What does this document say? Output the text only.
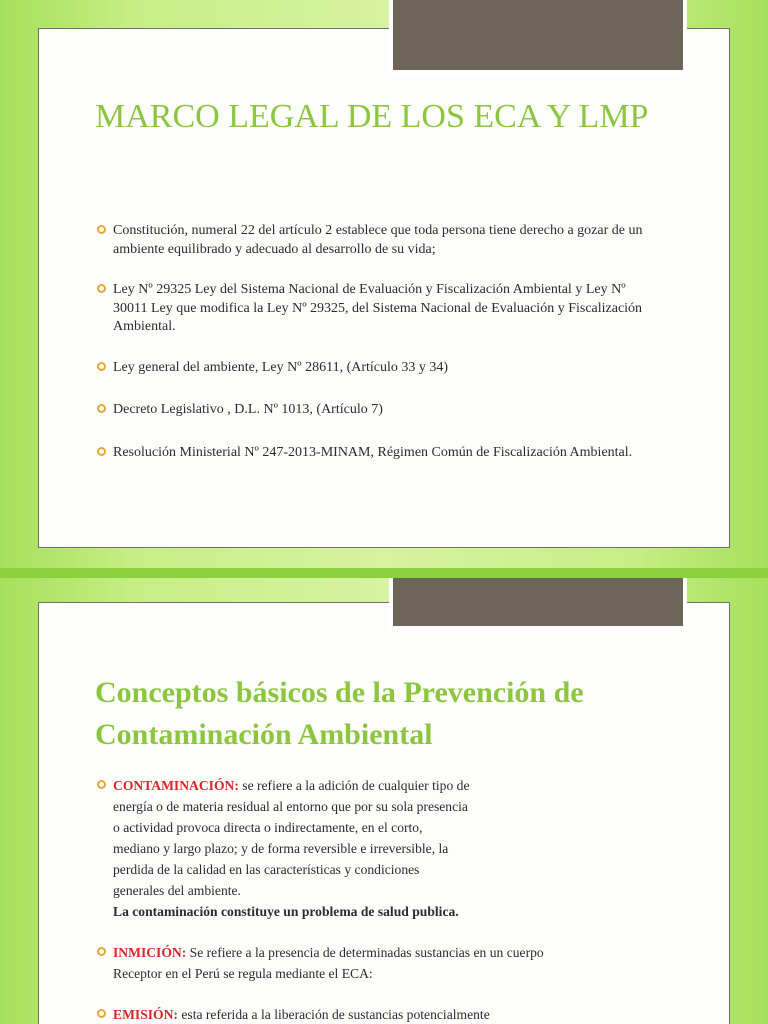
MARCO LEGAL DE LOS ECA Y LMP
Constitución, numeral 22 del artículo 2 establece que toda persona tiene derecho a gozar de un ambiente equilibrado y adecuado al desarrollo de su vida;
Ley Nº 29325 Ley del Sistema Nacional de Evaluación y Fiscalización Ambiental y Ley Nº 30011 Ley que modifica la Ley Nº 29325, del Sistema Nacional de Evaluación y Fiscalización Ambiental.
Ley general del ambiente, Ley Nº 28611, (Artículo 33 y 34)
Decreto Legislativo , D.L. Nº 1013, (Artículo 7)
Resolución Ministerial Nº 247-2013-MINAM, Régimen Común de Fiscalización Ambiental.
Conceptos básicos de la Prevención de Contaminación Ambiental
CONTAMINACIÓN: se refiere a la adición de cualquier tipo de
energía o de materia residual al entorno que por su sola presencia
o actividad provoca directa o indirectamente, en el corto,
mediano y largo plazo; y de forma reversible e irreversible, la
perdida de la calidad en las características y condiciones
generales del ambiente.
La contaminación constituye un problema de salud publica.
INMICIÓN: Se refiere a la presencia de determinadas sustancias en un cuerpo
Receptor en el Perú se regula mediante el ECA:
EMISIÓN: esta referida a la liberación de sustancias potencialmente
